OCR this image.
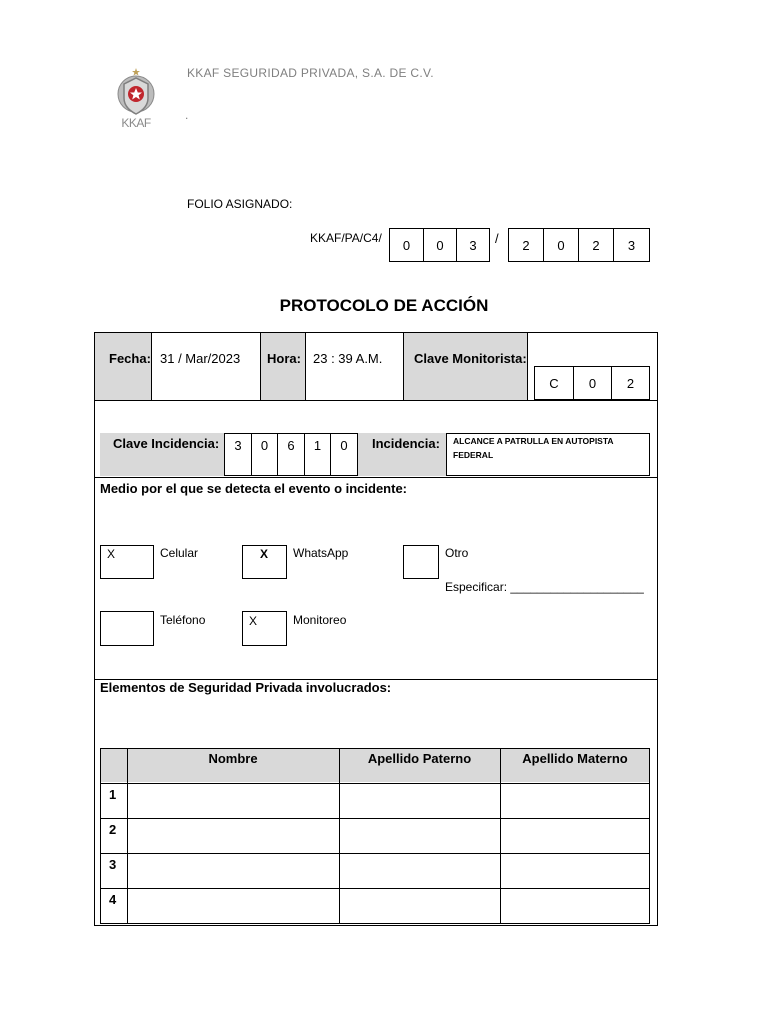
KKAF
KKAF SEGURIDAD PRIVADA, S.A. DE C.V.
.
FOLIO ASIGNADO:
KKAF/PA/C4/	0	0	3	/	2	0	2	3
PROTOCOLO DE ACCIÓN
Fecha: 31 / Mar/2023 Hora: 23 : 39 A.M. Clave Monitorista:
C	0	2
Clave Incidencia:	3	0	6	1	0	Incidencia: ALCANCE A PATRULLA EN AUTOPISTA FEDERAL
Medio por el que se detecta el evento o incidente:
X	Celular	X WhatsApp	Otro
Especificar: ____________________
Teléfono	X	Monitoreo
Elementos de Seguridad Privada involucrados:
Nombre	Apellido Paterno	Apellido Materno
1
2
3
4
